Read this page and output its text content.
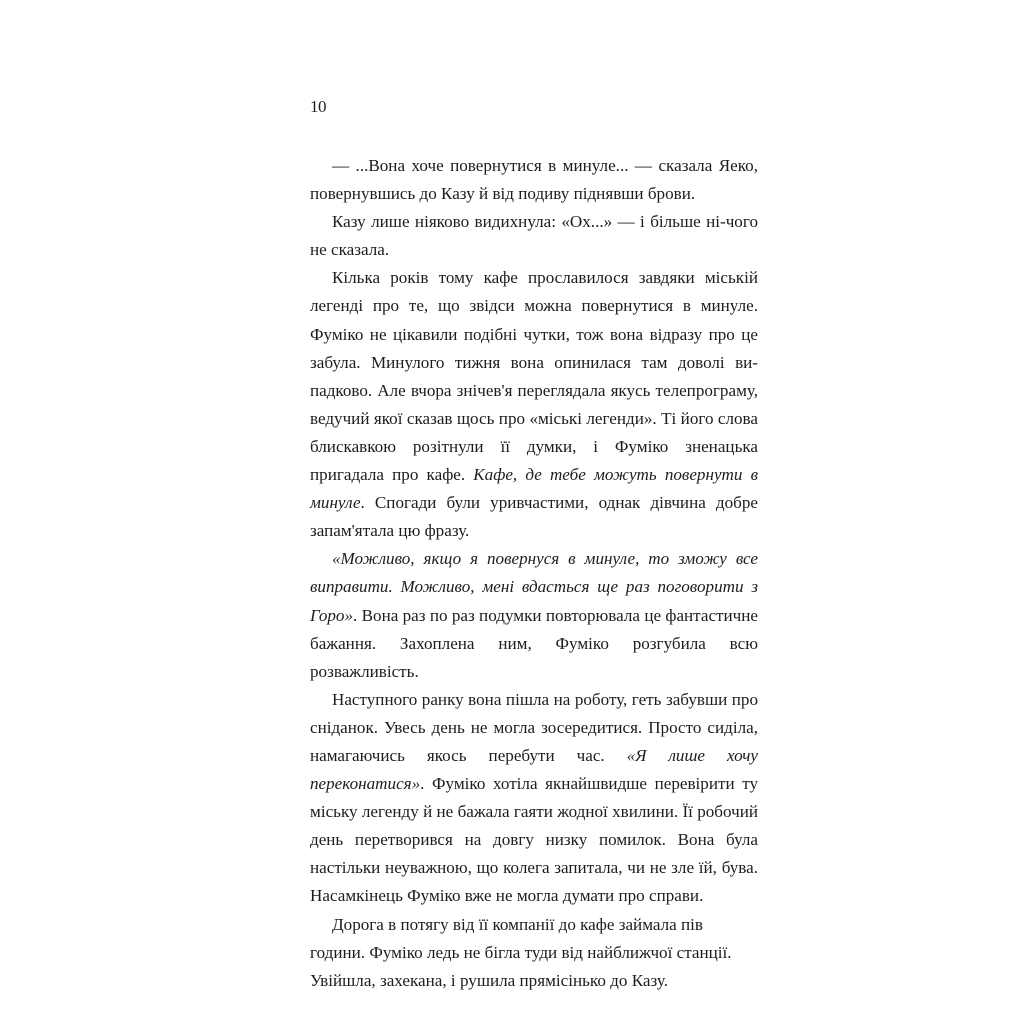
10

— ...Вона хоче повернутися в минуле... — сказала Яеко, повернувшись до Казу й від подиву піднявши брови.

Казу лише ніяково видихнула: «Ох...» — і більше ні-чого не сказала.

Кілька років тому кафе прославилося завдяки міській легенді про те, що звідси можна повернутися в минуле. Фуміко не цікавили подібні чутки, тож вона відразу про це забула. Минулого тижня вона опинилася там доволі ви-падково. Але вчора знічев'я переглядала якусь телепрограму, ведучий якої сказав щось про «міські легенди». Ті його слова блискавкою розітнули її думки, і Фуміко зненацька пригадала про кафе. Кафе, де тебе можуть повернути в минуле. Спогади були уривчастими, однак дівчина добре запам'ятала цю фразу.

«Можливо, якщо я повернуся в минуле, то зможу все виправити. Можливо, мені вдасться ще раз поговорити з Горо». Вона раз по раз подумки повторювала це фантастичне бажання. Захоплена ним, Фуміко розгубила всю розважливість.

Наступного ранку вона пішла на роботу, геть забувши про сніданок. Увесь день не могла зосередитися. Просто сиділа, намагаючись якось перебути час. «Я лише хочу переконатися». Фуміко хотіла якнайшвидше перевірити ту міську легенду й не бажала гаяти жодної хвилини. Її робочий день перетворився на довгу низку помилок. Вона була настільки неуважною, що колега запитала, чи не зле їй, бува. Насамкінець Фуміко вже не могла думати про справи.

Дорога в потягу від її компанії до кафе займала пів години. Фуміко ледь не бігла туди від найближчої станції. Увійшла, захекана, і рушила прямісінько до Казу.
